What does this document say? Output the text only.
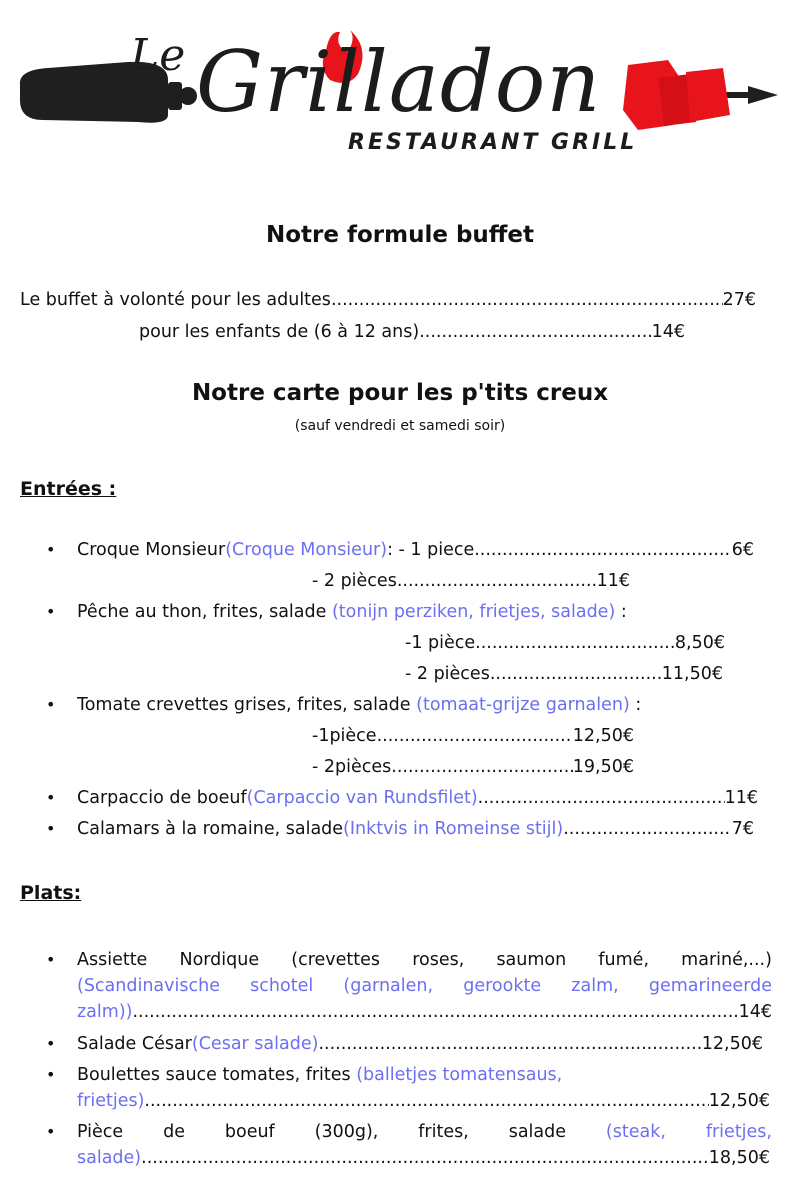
Le Grilladon
RESTAURANT GRILL
Notre formule buffet
Le buffet à volonté pour les adultes .....	27€
pour les enfants de (6 à 12 ans) .....	14€
Notre carte pour les p'tits creux
(sauf vendredi et samedi soir)
Entrées :
• Croque Monsieur (Croque Monsieur) : - 1 piece .....	6€
- 2 pièces .....	11€
• Pêche au thon, frites, salade (tonijn perziken, frietjes, salade) :
-1 pièce .....	8,50€
- 2 pièces .....	11,50€
• Tomate crevettes grises, frites, salade (tomaat-grijze garnalen) :
-1pièce .....	12,50€
- 2pièces .....	19,50€
• Carpaccio de boeuf (Carpaccio van Rundsfilet) .....	11€
• Calamars à la romaine, salade (Inktvis in Romeinse stijl) .....	7€
Plats:
• Assiette Nordique (crevettes roses, saumon fumé, mariné,...)
(Scandinavische schotel (garnalen, gerookte zalm, gemarineerde
zalm)) .....	14€
• Salade César (Cesar salade) .....	12,50€
• Boulettes sauce tomates, frites (balletjes tomatensaus,
frietjes) .....	12,50€
• Pièce de boeuf (300g), frites, salade (steak, frietjes,
salade) .....	18,50€
